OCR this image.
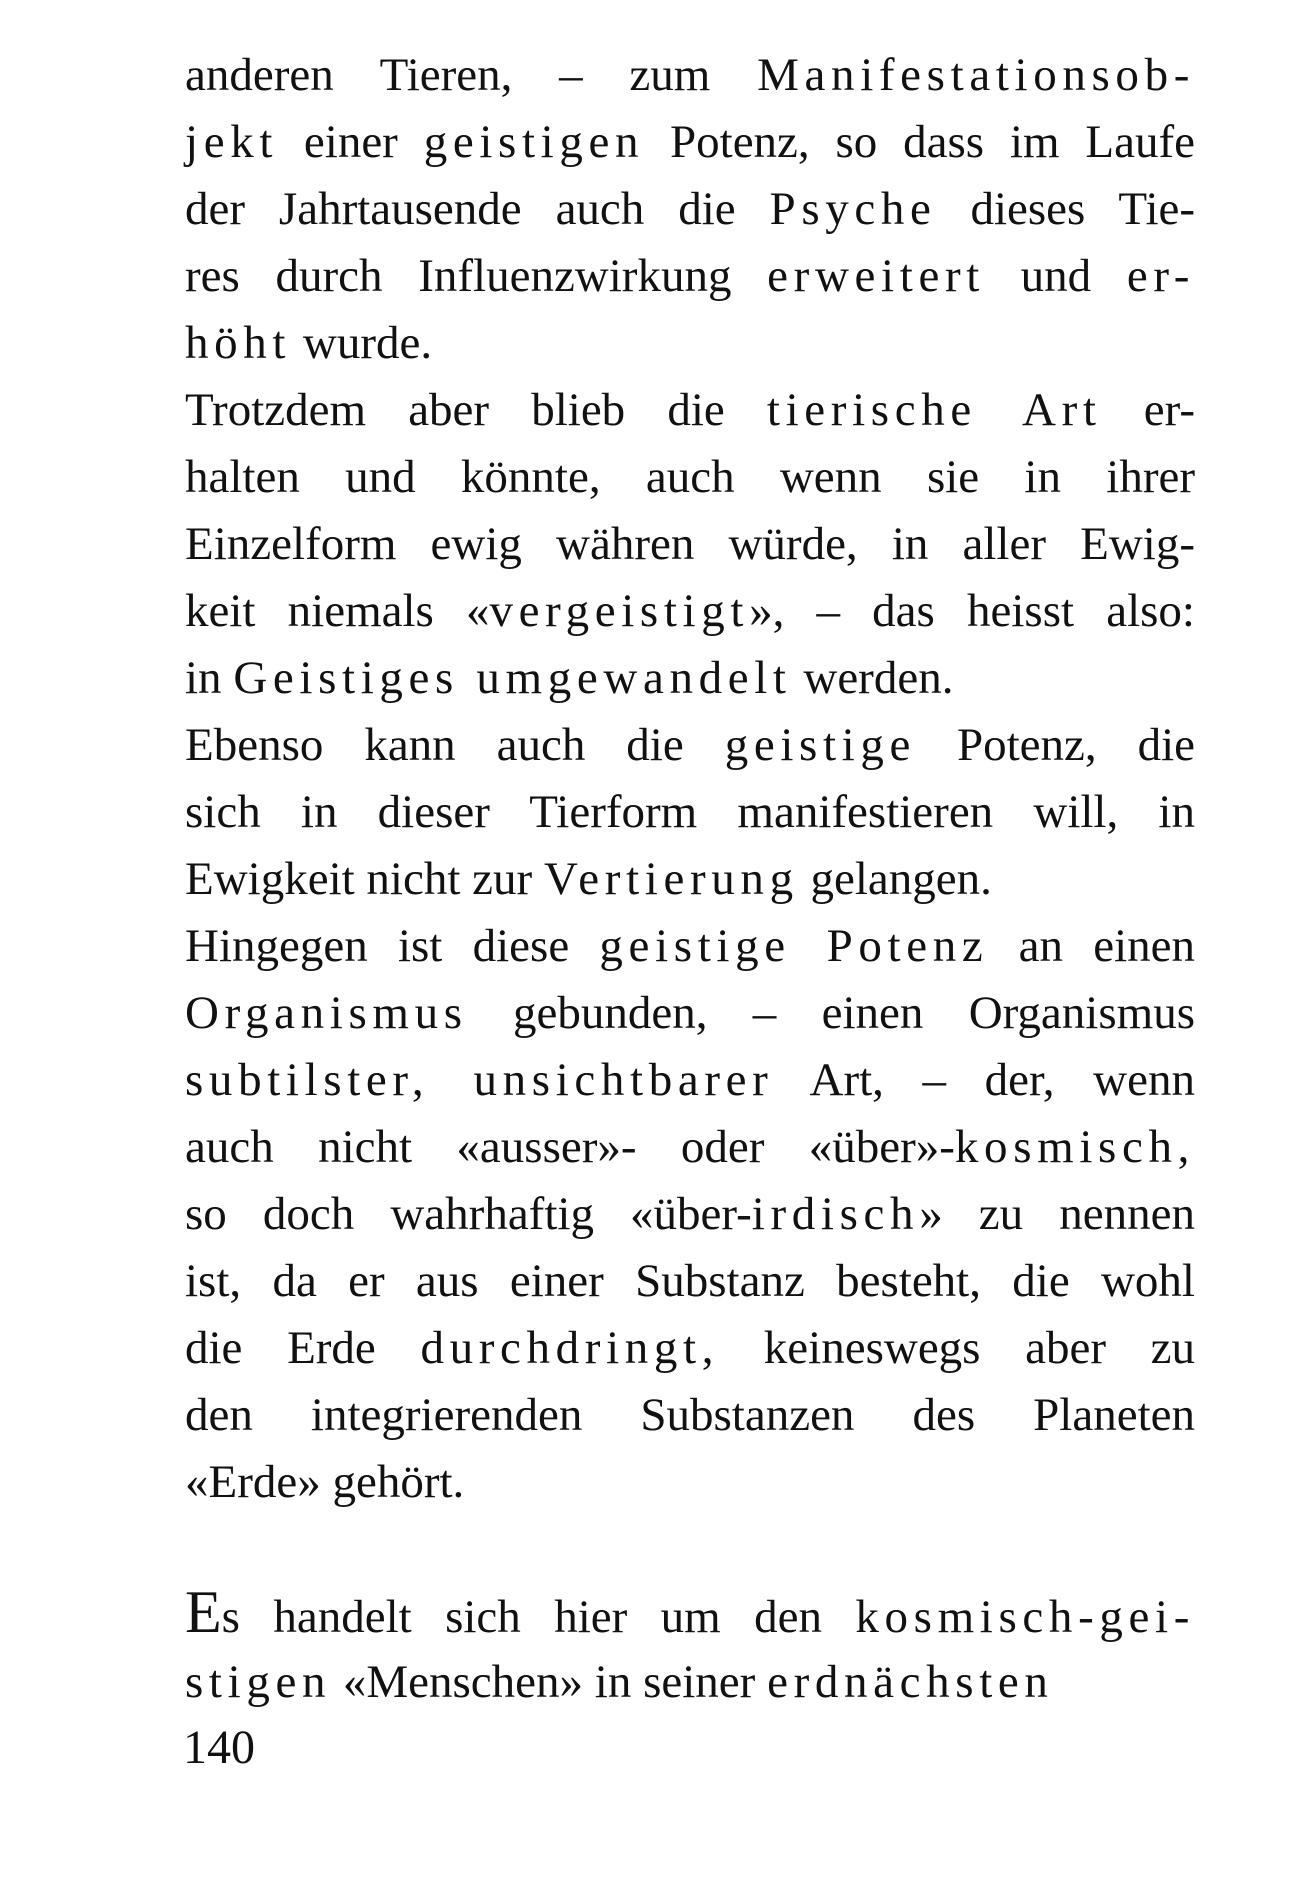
anderen Tieren, – zum Manifestationsob-
jekt einer geistigen Potenz, so dass im Laufe
der Jahrtausende auch die Psyche dieses Tie-
res durch Influenzwirkung erweitert und er-
höht wurde.
Trotzdem aber blieb die tierische Art er-
halten und könnte, auch wenn sie in ihrer
Einzelform ewig währen würde, in aller Ewig-
keit niemals «vergeistigt», – das heisst also:
in Geistiges umgewandelt werden.
Ebenso kann auch die geistige Potenz, die
sich in dieser Tierform manifestieren will, in
Ewigkeit nicht zur Vertierung gelangen.
Hingegen ist diese geistige Potenz an einen
Organismus gebunden, – einen Organismus
subtilster, unsichtbarer Art, – der, wenn
auch nicht «ausser»- oder «über»-kosmisch,
so doch wahrhaftig «über-irdisch» zu nennen
ist, da er aus einer Substanz besteht, die wohl
die Erde durchdringt, keineswegs aber zu
den integrierenden Substanzen des Planeten
«Erde» gehört.
Es handelt sich hier um den kosmisch-gei-
stigen «Menschen» in seiner erdnächsten
140
